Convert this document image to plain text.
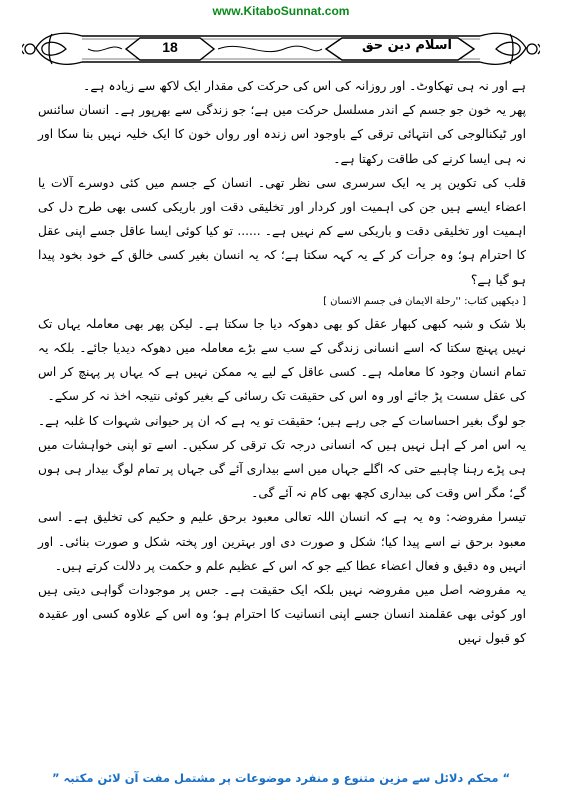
www.KitaboSunnat.com
18	اسلام دین حق

ہے اور نہ ہی تھکاوٹ۔ اور روزانہ کی اس کی حرکت کی مقدار ایک لاکھ سے زیادہ ہے۔

پھر یہ خون جو جسم کے اندر مسلسل حرکت میں ہے؛ جو زندگی سے بھرپور ہے۔ انسان سائنس اور ٹیکنالوجی کی انتہائی ترقی کے باوجود اس زندہ اور رواں خون کا ایک خلیہ نہیں بنا سکا اور نہ ہی ایسا کرنے کی طاقت رکھتا ہے۔

قلب کی تکوین پر یہ ایک سرسری سی نظر تھی۔ انسان کے جسم میں کئی دوسرے آلات یا اعضاء ایسے ہیں جن کی اہمیت اور کردار اور تخلیقی دقت اور باریکی کسی بھی طرح دل کی اہمیت اور تخلیقی دقت و باریکی سے کم نہیں ہے۔ ...... تو کیا کوئی ایسا عاقل جسے اپنی عقل کا احترام ہو؛ وہ جرأت کر کے یہ کہہ سکتا ہے؛ کہ یہ انسان بغیر کسی خالق کے خود بخود پیدا ہو گیا ہے؟

[ دیکھیں کتاب: ''رحلة الایمان فی جسم الانسان ]

بلا شک و شبہ کبھی کبھار عقل کو بھی دھوکہ دیا جا سکتا ہے۔ لیکن پھر بھی معاملہ یہاں تک نہیں پہنچ سکتا کہ اسے انسانی زندگی کے سب سے بڑے معاملہ میں دھوکہ دیدیا جائے۔ بلکہ یہ تمام انسان وجود کا معاملہ ہے۔ کسی عاقل کے لیے یہ ممکن نہیں ہے کہ یہاں پر پہنچ کر اس کی عقل سست پڑ جائے اور وہ اس کی حقیقت تک رسائی کے بغیر کوئی نتیجہ اخذ نہ کر سکے۔

جو لوگ بغیر احساسات کے جی رہے ہیں؛ حقیقت تو یہ ہے کہ ان پر حیوانی شہوات کا غلبہ ہے۔ یہ اس امر کے اہل نہیں ہیں کہ انسانی درجہ تک ترقی کر سکیں۔ اسے تو اپنی خواہشات میں ہی پڑے رہنا چاہیے حتی کہ اگلے جہاں میں اسے بیداری آئے گی جہاں پر تمام لوگ بیدار ہی ہوں گے؛ مگر اس وقت کی بیداری کچھ بھی کام نہ آئے گی۔

تیسرا مفروضہ: وہ یہ ہے کہ انسان اللہ تعالی معبود برحق علیم و حکیم کی تخلیق ہے۔ اسی معبود برحق نے اسے پیدا کیا؛ شکل و صورت دی اور بہترین اور پختہ شکل و صورت بنائی۔ اور انہیں وہ دقیق و فعال اعضاء عطا کیے جو کہ اس کے عظیم علم و حکمت پر دلالت کرتے ہیں۔

یہ مفروضہ اصل میں مفروضہ نہیں بلکہ ایک حقیقت ہے۔ جس پر موجودات گواہی دیتی ہیں اور کوئی بھی عقلمند انسان جسے اپنی انسانیت کا احترام ہو؛ وہ اس کے علاوہ کسی اور عقیدہ کو قبول نہیں

“ محکم دلائل سے مزین متنوع و منفرد موضوعات پر مشتمل مفت آن لائن مکتبہ ”
